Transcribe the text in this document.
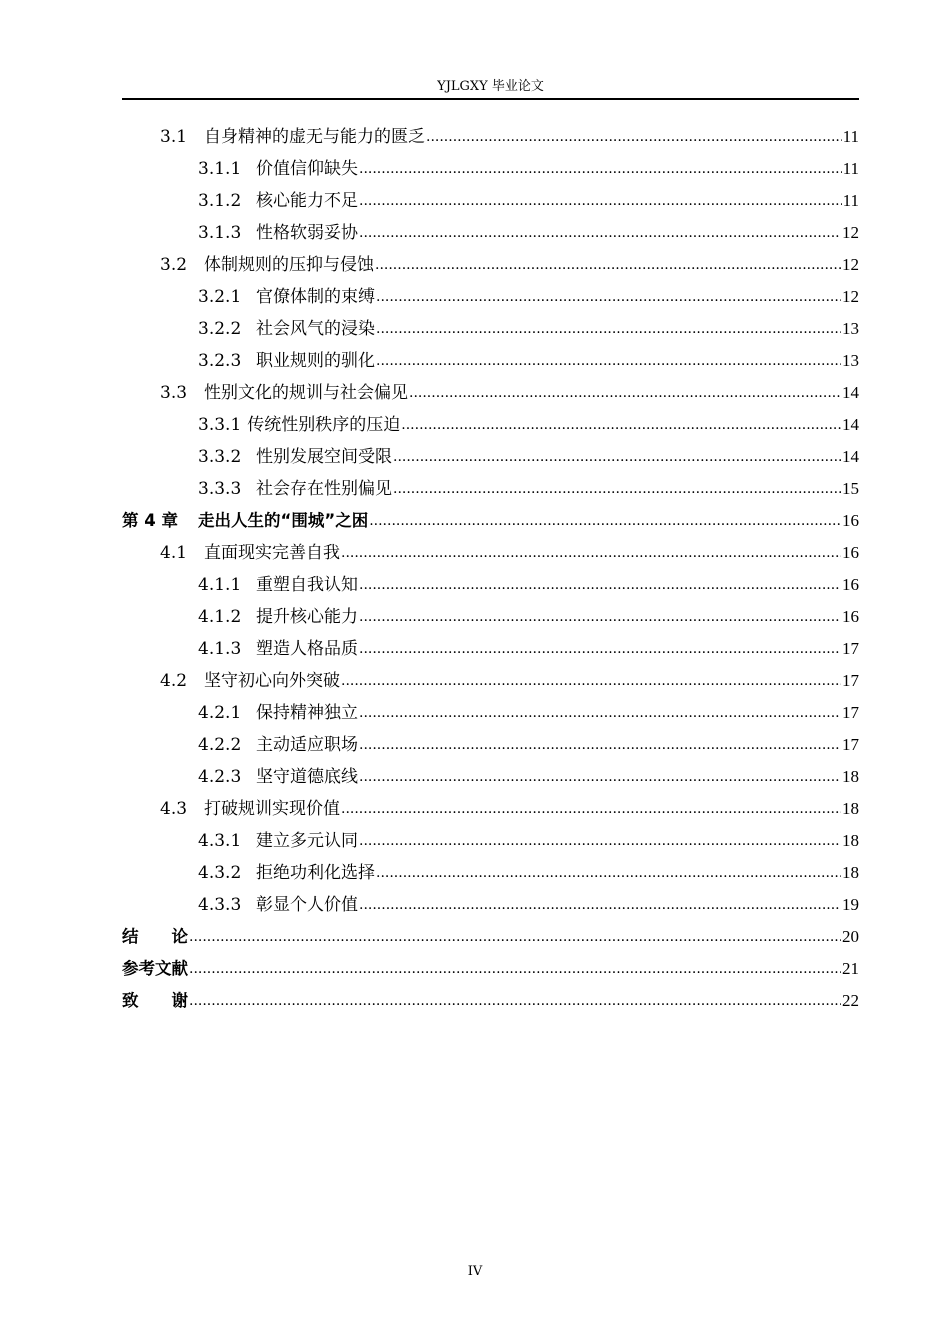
YJLGXY 毕业论文
3.1 自身精神的虚无与能力的匮乏 .....	11
3.1.1 价值信仰缺失 .....	11
3.1.2 核心能力不足 .....	11
3.1.3 性格软弱妥协 .....	12
3.2 体制规则的压抑与侵蚀 .....	12
3.2.1 官僚体制的束缚 .....	12
3.2.2 社会风气的浸染 .....	13
3.2.3 职业规则的驯化 .....	13
3.3 性别文化的规训与社会偏见 .....	14
3.3.1 传统性别秩序的压迫 .....	14
3.3.2 性别发展空间受限 .....	14
3.3.3 社会存在性别偏见 .....	15
第 4 章	走出人生的“围城”之困 .....	16
4.1 直面现实完善自我 .....	16
4.1.1 重塑自我认知 .....	16
4.1.2 提升核心能力 .....	16
4.1.3 塑造人格品质 .....	17
4.2 坚守初心向外突破 .....	17
4.2.1 保持精神独立 .....	17
4.2.2 主动适应职场 .....	17
4.2.3 坚守道德底线 .....	18
4.3 打破规训实现价值 .....	18
4.3.1 建立多元认同 .....	18
4.3.2 拒绝功利化选择 .....	18
4.3.3 彰显个人价值 .....	19
结　　论 .....	20
参考文献 .....	21
致　　谢 .....	22
IV
